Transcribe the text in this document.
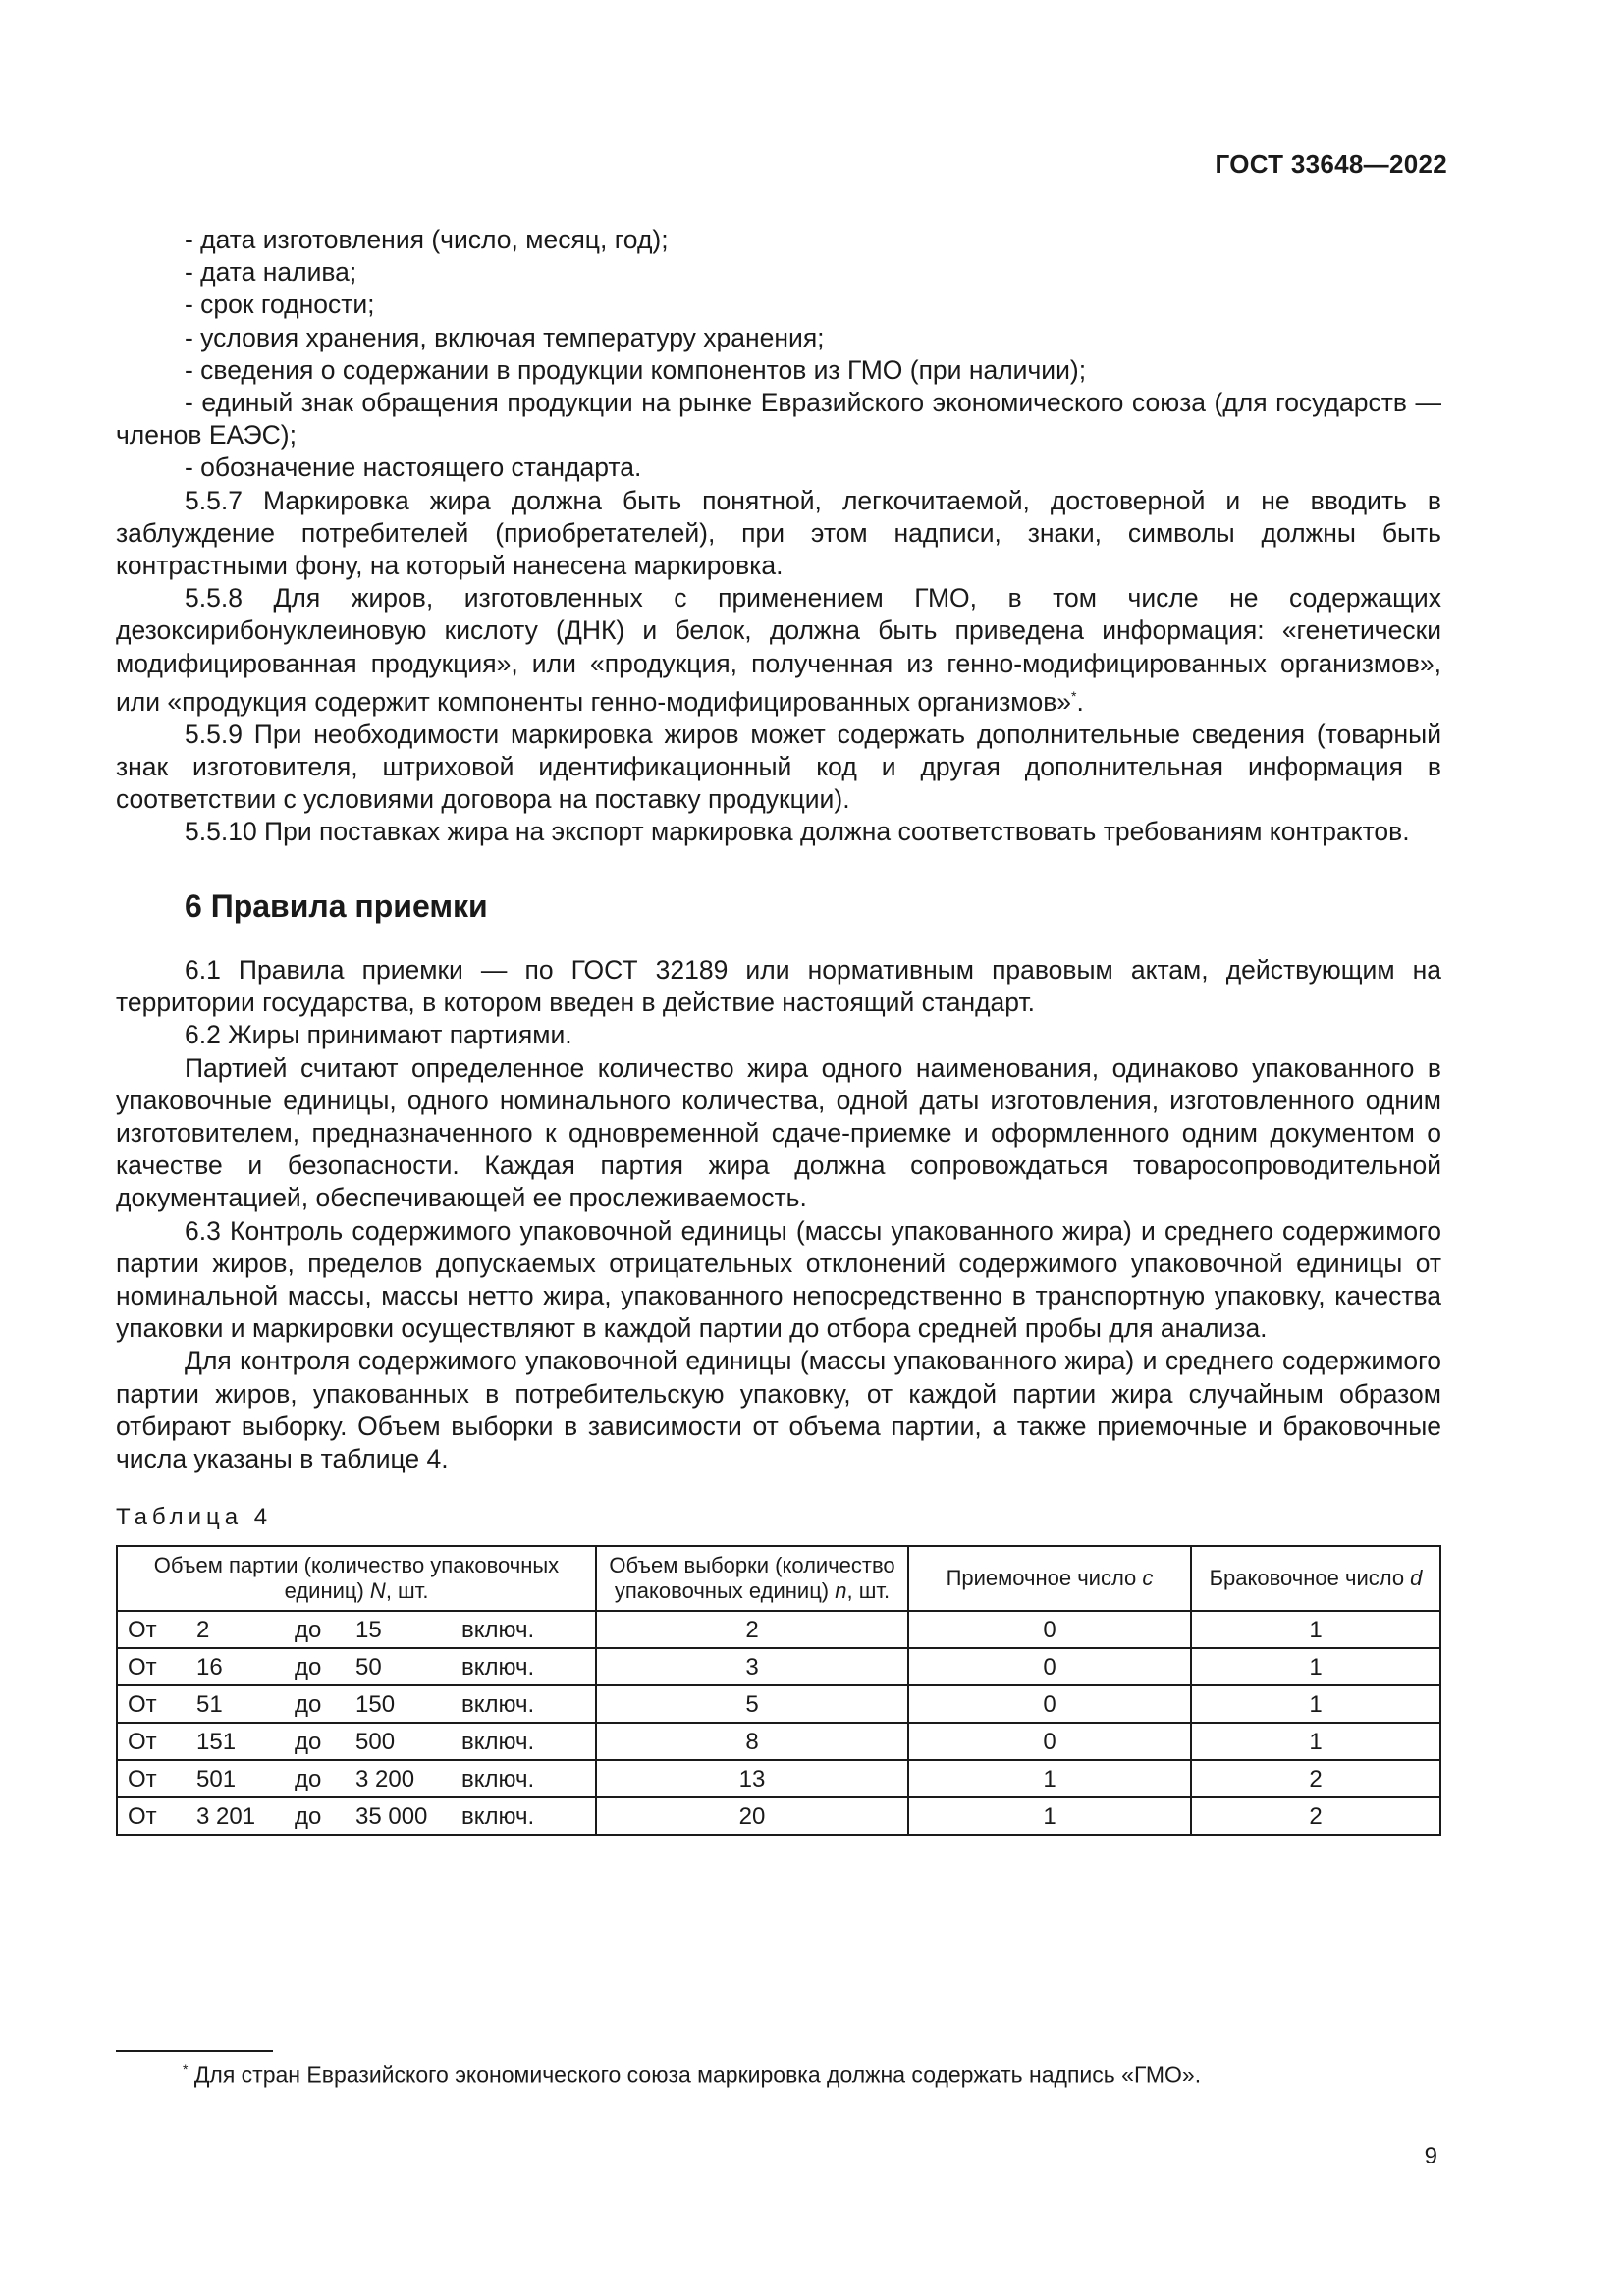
ГОСТ 33648—2022

- дата изготовления (число, месяц, год);

- дата налива;

- срок годности;

- условия хранения, включая температуру хранения;

- сведения о содержании в продукции компонентов из ГМО (при наличии);

- единый знак обращения продукции на рынке Евразийского экономического союза (для государств — членов ЕАЭС);

- обозначение настоящего стандарта.

5.5.7 Маркировка жира должна быть понятной, легкочитаемой, достоверной и не вводить в заблуждение потребителей (приобретателей), при этом надписи, знаки, символы должны быть контрастными фону, на который нанесена маркировка.

5.5.8 Для жиров, изготовленных с применением ГМО, в том числе не содержащих дезоксирибонуклеиновую кислоту (ДНК) и белок, должна быть приведена информация: «генетически модифицированная продукция», или «продукция, полученная из генно-модифицированных организмов», или «продукция содержит компоненты генно-модифицированных организмов»*.

5.5.9 При необходимости маркировка жиров может содержать дополнительные сведения (товарный знак изготовителя, штриховой идентификационный код и другая дополнительная информация в соответствии с условиями договора на поставку продукции).

5.5.10 При поставках жира на экспорт маркировка должна соответствовать требованиям контрактов.

6 Правила приемки

6.1 Правила приемки — по ГОСТ 32189 или нормативным правовым актам, действующим на территории государства, в котором введен в действие настоящий стандарт.

6.2 Жиры принимают партиями.

Партией считают определенное количество жира одного наименования, одинаково упакованного в упаковочные единицы, одного номинального количества, одной даты изготовления, изготовленного одним изготовителем, предназначенного к одновременной сдаче-приемке и оформленного одним документом о качестве и безопасности. Каждая партия жира должна сопровождаться товаросопроводительной документацией, обеспечивающей ее прослеживаемость.

6.3 Контроль содержимого упаковочной единицы (массы упакованного жира) и среднего содержимого партии жиров, пределов допускаемых отрицательных отклонений содержимого упаковочной единицы от номинальной массы, массы нетто жира, упакованного непосредственно в транспортную упаковку, качества упаковки и маркировки осуществляют в каждой партии до отбора средней пробы для анализа.

Для контроля содержимого упаковочной единицы (массы упакованного жира) и среднего содержимого партии жиров, упакованных в потребительскую упаковку, от каждой партии жира случайным образом отбирают выборку. Объем выборки в зависимости от объема партии, а также приемочные и браковочные числа указаны в таблице 4.

Таблица 4
Объем партии (количество упаковочных единиц) N, шт.	Объем выборки (количество упаковочных единиц) n, шт.	Приемочное число c	Браковочное число d

От 2 до 15 включ.	2	0	1

От 16 до 50 включ.	3	0	1

От 51 до 150 включ.	5	0	1

От 151 до 500 включ.	8	0	1

От 501 до 3 200 включ.	13	1	2

От 3 201 до 35 000 включ.	20	1	2
* Для стран Евразийского экономического союза маркировка должна содержать надпись «ГМО».
9
